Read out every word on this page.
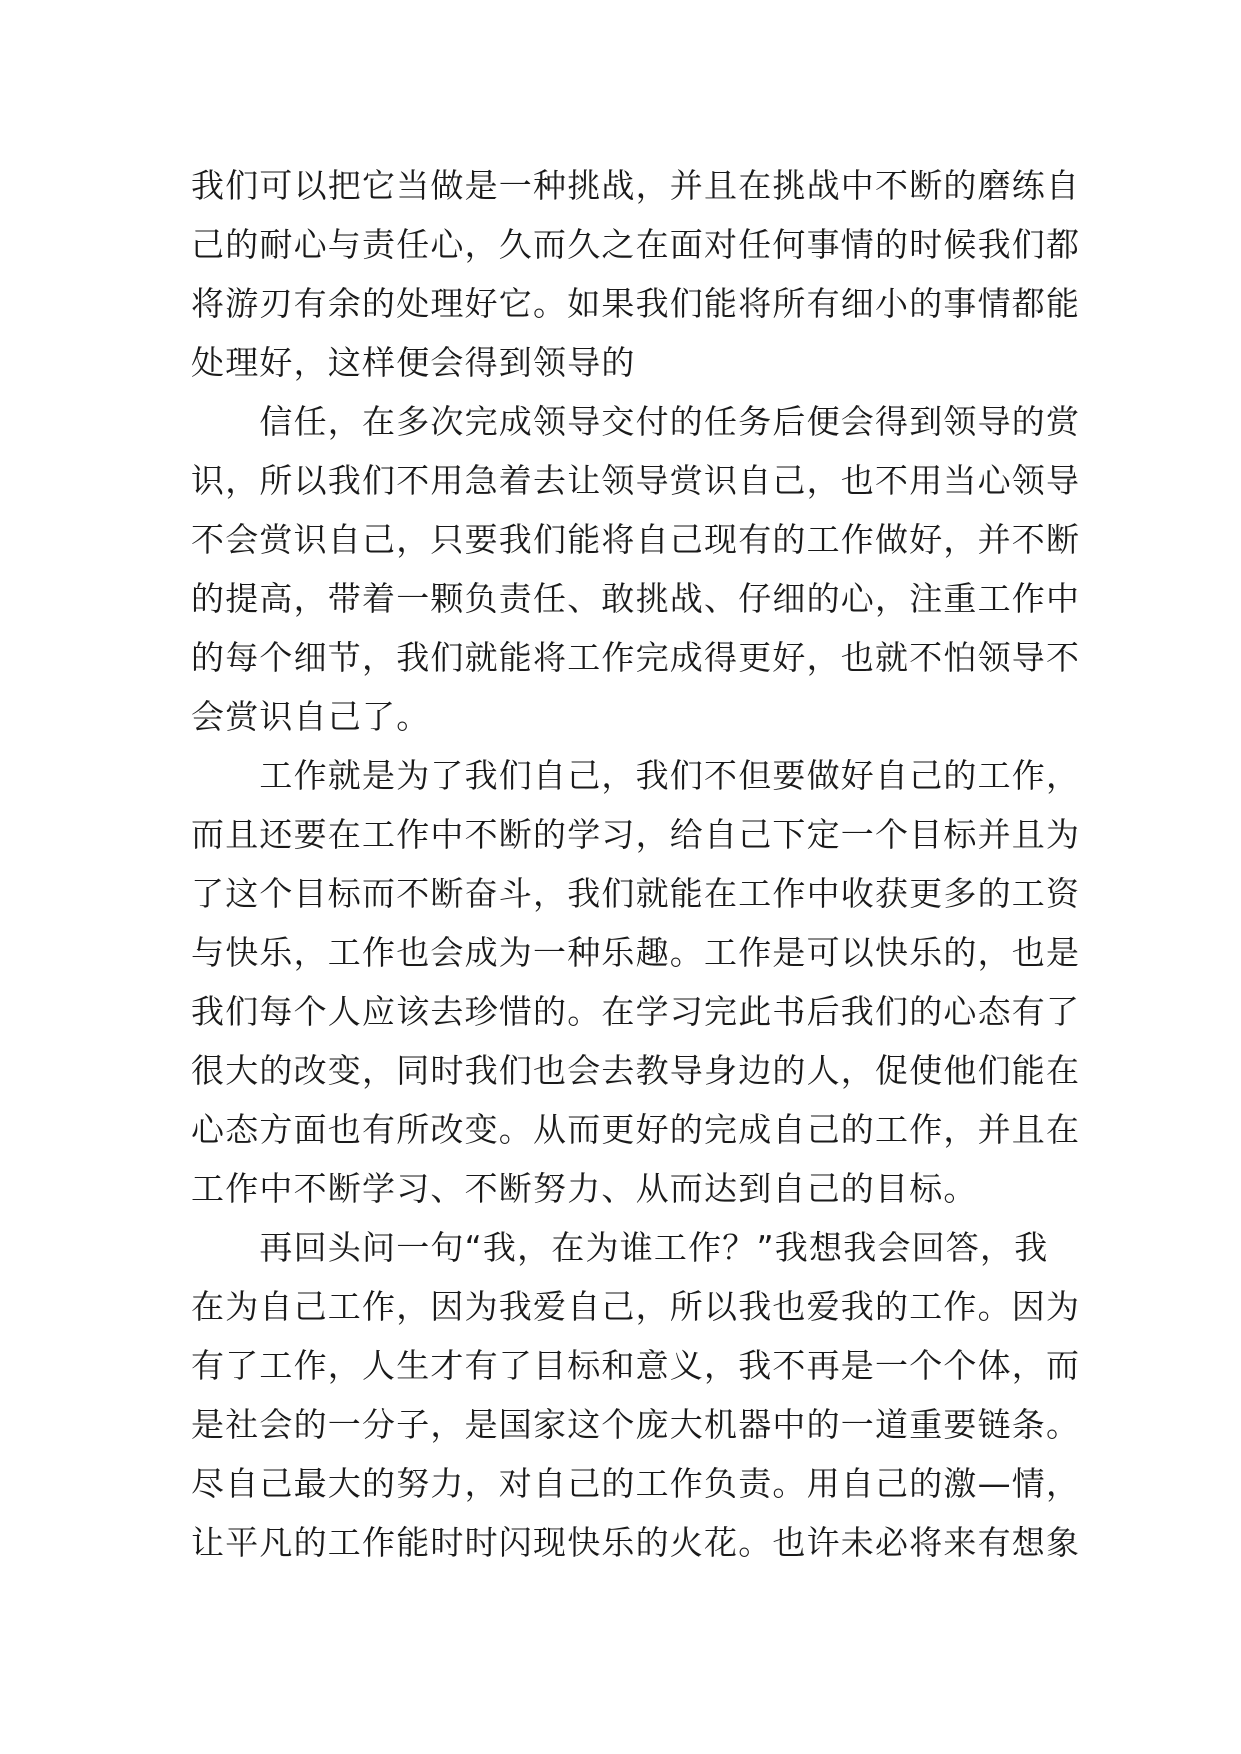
我们可以把它当做是一种挑战，并且在挑战中不断的磨练自
己的耐心与责任心，久而久之在面对任何事情的时候我们都
将游刃有余的处理好它。如果我们能将所有细小的事情都能
处理好，这样便会得到领导的
　　信任，在多次完成领导交付的任务后便会得到领导的赏
识，所以我们不用急着去让领导赏识自己，也不用当心领导
不会赏识自己，只要我们能将自己现有的工作做好，并不断
的提高，带着一颗负责任、敢挑战、仔细的心，注重工作中
的每个细节，我们就能将工作完成得更好，也就不怕领导不
会赏识自己了。
　　工作就是为了我们自己，我们不但要做好自己的工作，
而且还要在工作中不断的学习，给自己下定一个目标并且为
了这个目标而不断奋斗，我们就能在工作中收获更多的工资
与快乐，工作也会成为一种乐趣。工作是可以快乐的，也是
我们每个人应该去珍惜的。在学习完此书后我们的心态有了
很大的改变，同时我们也会去教导身边的人，促使他们能在
心态方面也有所改变。从而更好的完成自己的工作，并且在
工作中不断学习、不断努力、从而达到自己的目标。
　　再回头问一句“我，在为谁工作？”我想我会回答，我
在为自己工作，因为我爱自己，所以我也爱我的工作。因为
有了工作，人生才有了目标和意义，我不再是一个个体，而
是社会的一分子，是国家这个庞大机器中的一道重要链条。
尽自己最大的努力，对自己的工作负责。用自己的激—情，
让平凡的工作能时时闪现快乐的火花。也许未必将来有想象
